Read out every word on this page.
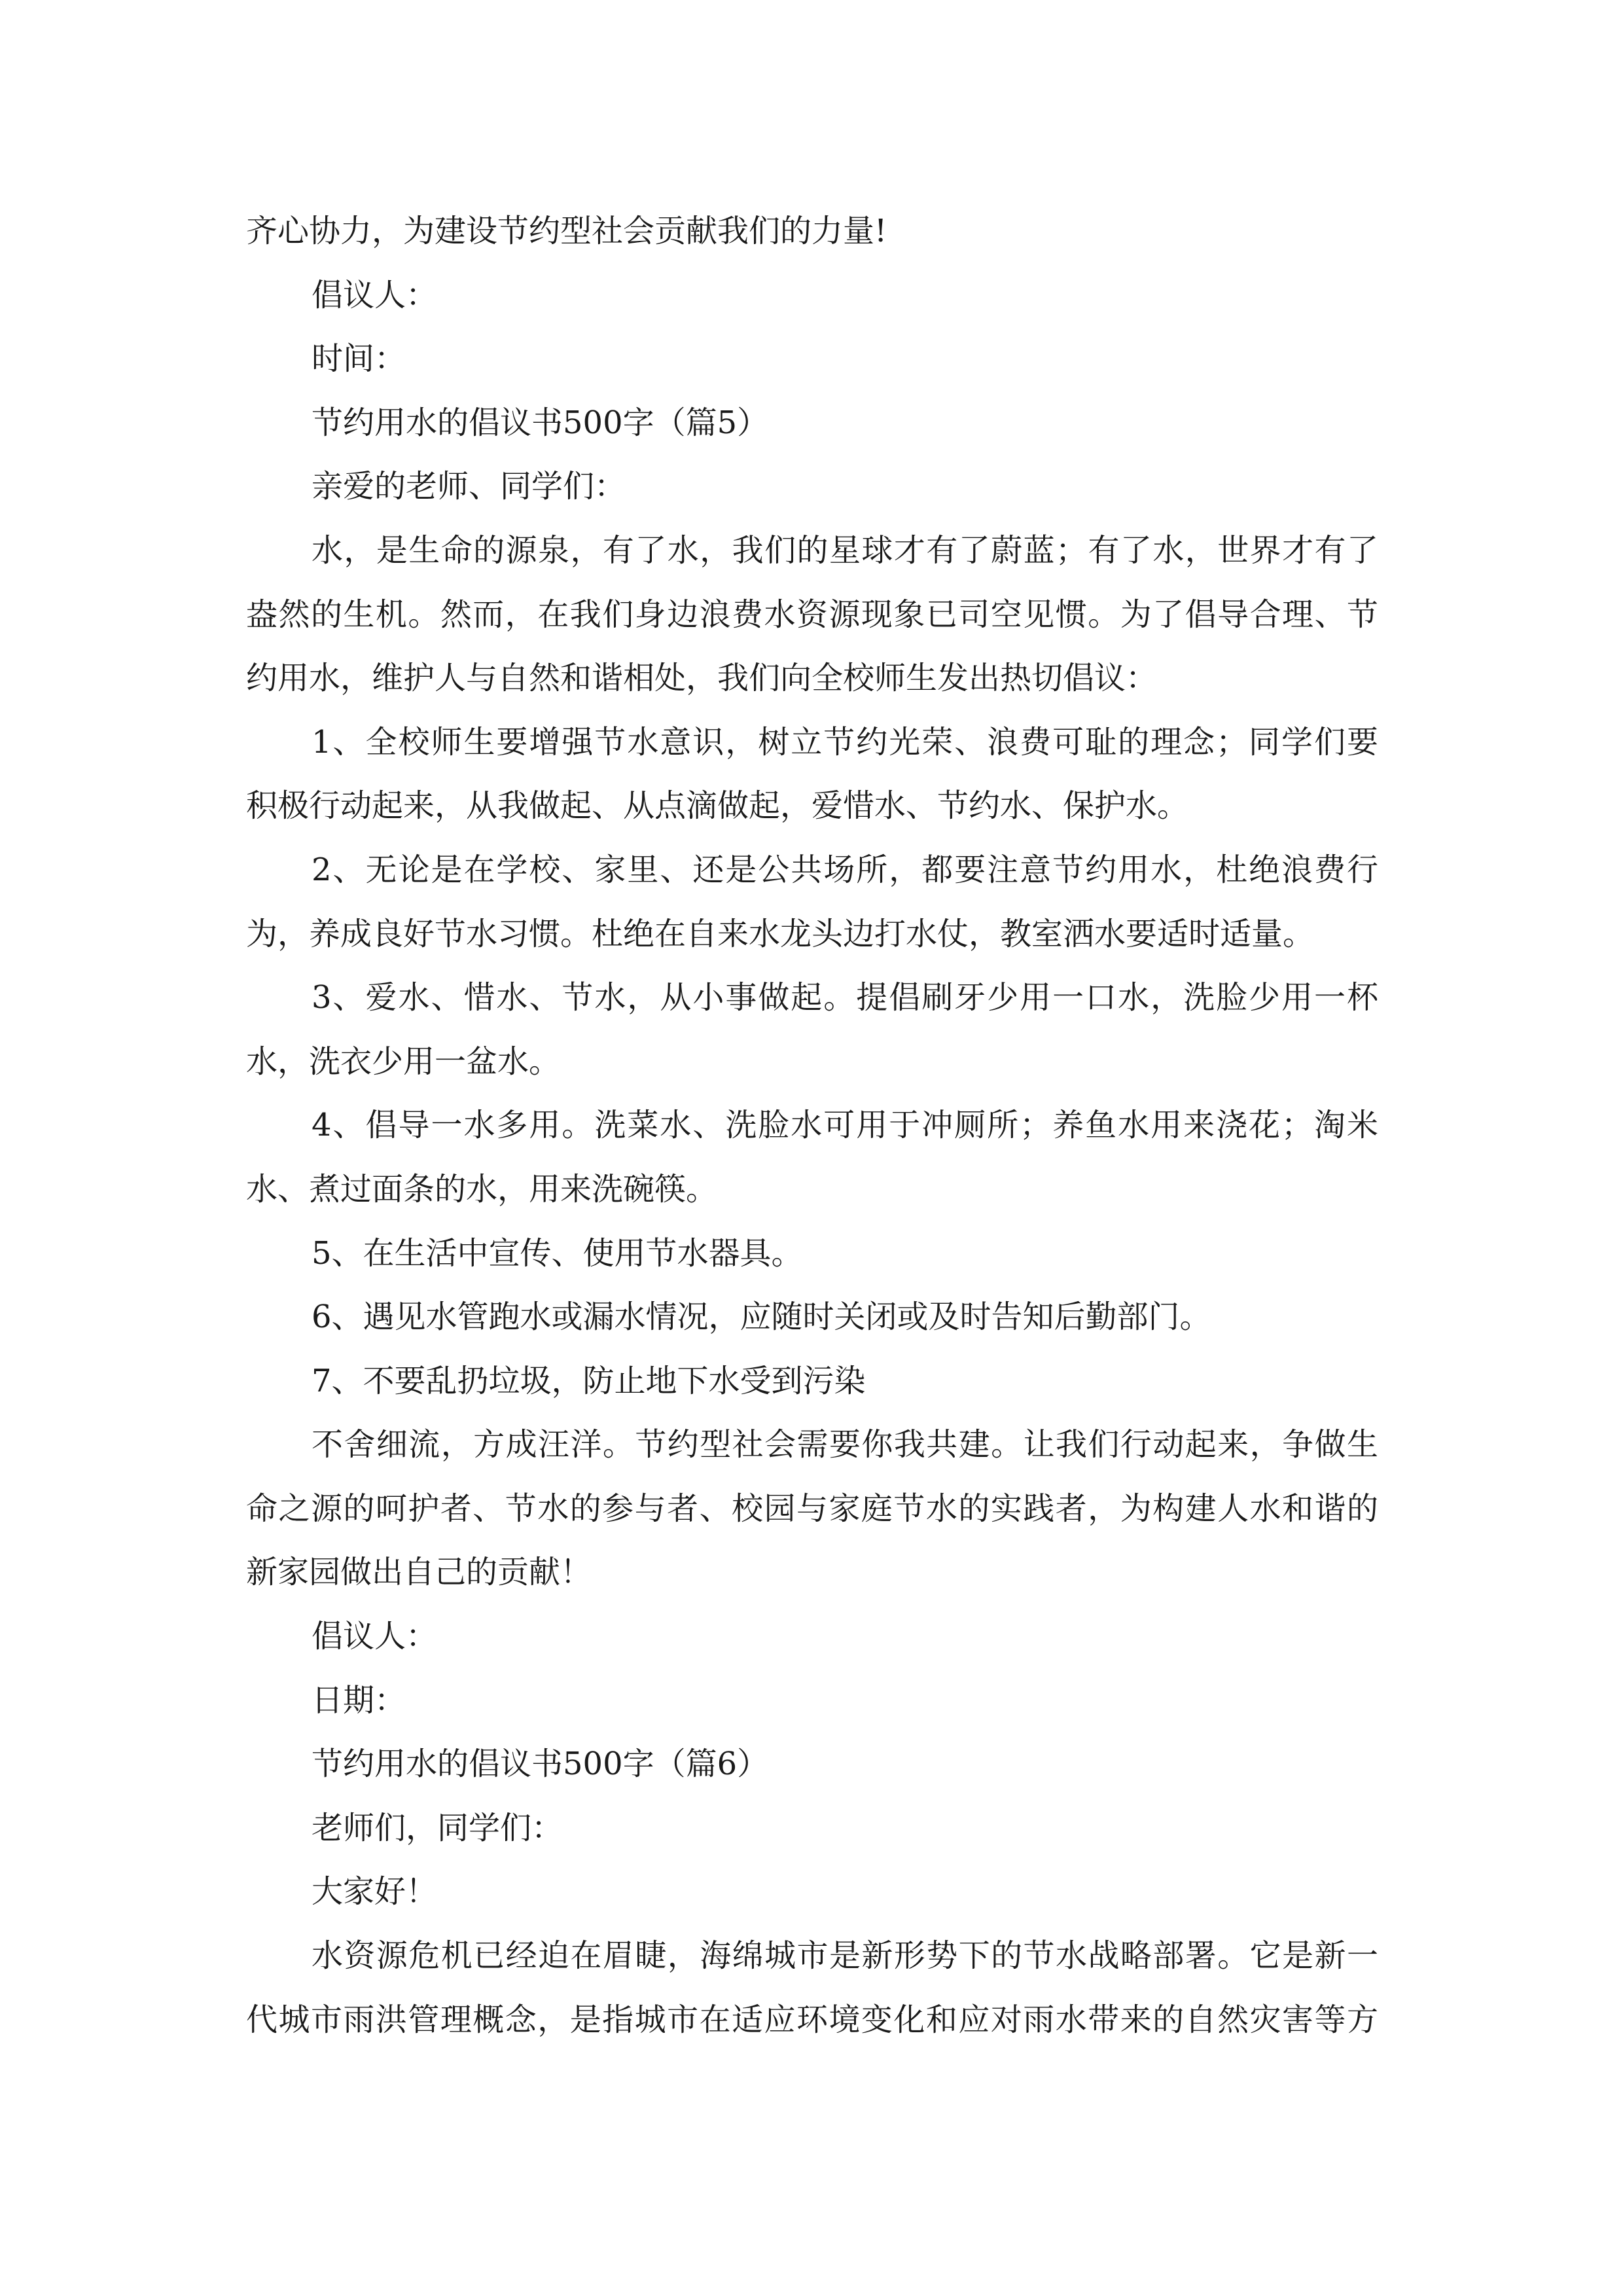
齐心协力，为建设节约型社会贡献我们的力量!
倡议人：
时间：
节约用水的倡议书500字（篇5）
亲爱的老师、同学们：
水，是生命的源泉，有了水，我们的星球才有了蔚蓝；有了水，世界才有了
盎然的生机。然而，在我们身边浪费水资源现象已司空见惯。为了倡导合理、节
约用水，维护人与自然和谐相处，我们向全校师生发出热切倡议：
1、全校师生要增强节水意识，树立节约光荣、浪费可耻的理念；同学们要
积极行动起来，从我做起、从点滴做起，爱惜水、节约水、保护水。
2、无论是在学校、家里、还是公共场所，都要注意节约用水，杜绝浪费行
为，养成良好节水习惯。杜绝在自来水龙头边打水仗，教室洒水要适时适量。
3、爱水、惜水、节水，从小事做起。提倡刷牙少用一口水，洗脸少用一杯
水，洗衣少用一盆水。
4、倡导一水多用。洗菜水、洗脸水可用于冲厕所；养鱼水用来浇花；淘米
水、煮过面条的水，用来洗碗筷。
5、在生活中宣传、使用节水器具。
6、遇见水管跑水或漏水情况，应随时关闭或及时告知后勤部门。
7、不要乱扔垃圾，防止地下水受到污染
不舍细流，方成汪洋。节约型社会需要你我共建。让我们行动起来，争做生
命之源的呵护者、节水的参与者、校园与家庭节水的实践者，为构建人水和谐的
新家园做出自己的贡献！
倡议人：
日期：
节约用水的倡议书500字（篇6）
老师们，同学们：
大家好！
水资源危机已经迫在眉睫，海绵城市是新形势下的节水战略部署。它是新一
代城市雨洪管理概念，是指城市在适应环境变化和应对雨水带来的自然灾害等方
